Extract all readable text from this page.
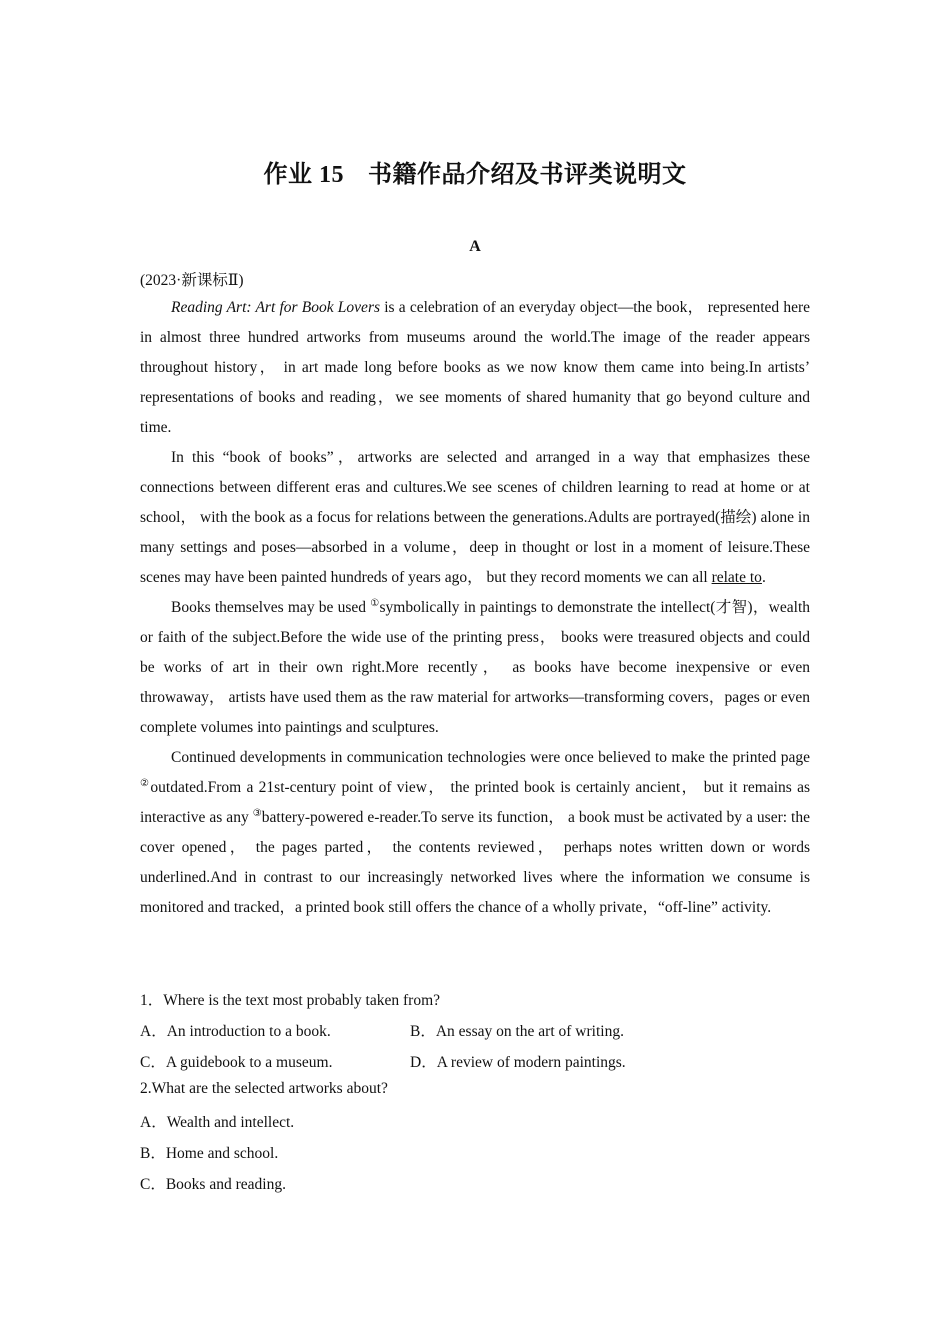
作业 15 书籍作品介绍及书评类说明文
A
(2023·新课标Ⅱ)

Reading Art: Art for Book Lovers is a celebration of an everyday object—the book， represented here in almost three hundred artworks from museums around the world.The image of the reader appears throughout history， in art made long before books as we now know them came into being.In artists’ representations of books and reading，we see moments of shared humanity that go beyond culture and time.

In this “book of books”，artworks are selected and arranged in a way that emphasizes these connections between different eras and cultures.We see scenes of children learning to read at home or at school， with the book as a focus for relations between the generations.Adults are portrayed(描绘) alone in many settings and poses—absorbed in a volume，deep in thought or lost in a moment of leisure.These scenes may have been painted hundreds of years ago， but they record moments we can all relate to.

Books themselves may be used ①symbolically in paintings to demonstrate the intellect(才智)，wealth or faith of the subject.Before the wide use of the printing press， books were treasured objects and could be works of art in their own right.More recently， as books have become inexpensive or even throwaway， artists have used them as the raw material for artworks—transforming covers，pages or even complete volumes into paintings and sculptures.

Continued developments in communication technologies were once believed to make the printed page ②outdated.From a 21st-century point of view， the printed book is certainly ancient， but it remains as interactive as any ③battery-powered e-reader.To serve its function， a book must be activated by a user: the cover opened， the pages parted， the contents reviewed， perhaps notes written down or words underlined.And in contrast to our increasingly networked lives where the information we consume is monitored and tracked，a printed book still offers the chance of a wholly private，“off-line” activity.

1．Where is the text most probably taken from?
A．An introduction to a book.	B．An essay on the art of writing.
C．A guidebook to a museum.	D．A review of modern paintings.
2.What are the selected artworks about?
A．Wealth and intellect.
B．Home and school.
C．Books and reading.
